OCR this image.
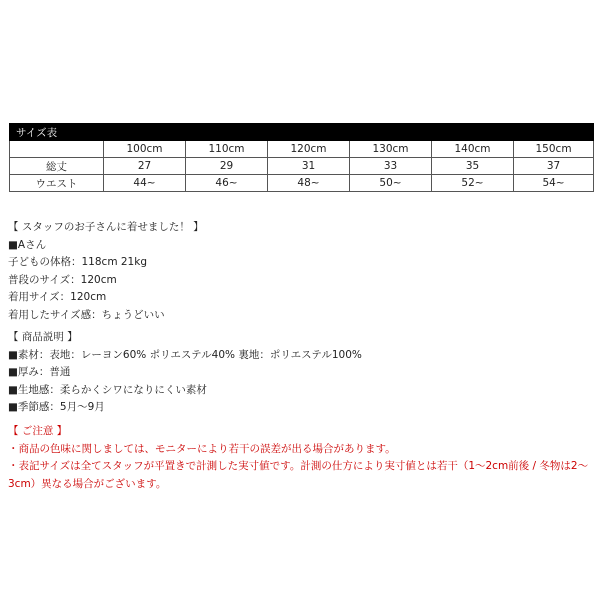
サイズ表						
	100cm	110cm	120cm	130cm	140cm	150cm
総丈	27	29	31	33	35	37
ウエスト	44~	46~	48~	50~	52~	54~
【 スタッフのお子さんに着せました！ 】
■Aさん
子どもの体格：118cm 21kg
普段のサイズ：120cm
着用サイズ：120cm
着用したサイズ感：ちょうどいい
【 商品説明 】
■素材：表地：レーヨン60% ポリエステル40% 裏地：ポリエステル100%
■厚み：普通
■生地感：柔らかくシワになりにくい素材
■季節感：5月〜9月
【 ご注意 】
・商品の色味に関しましては、モニターにより若干の誤差が出る場合があります。
・表記サイズは全てスタッフが平置きで計測した実寸値です。計測の仕方により実寸値とは若干（1〜2cm前後 / 冬物は2〜3cm）異なる場合がございます。
